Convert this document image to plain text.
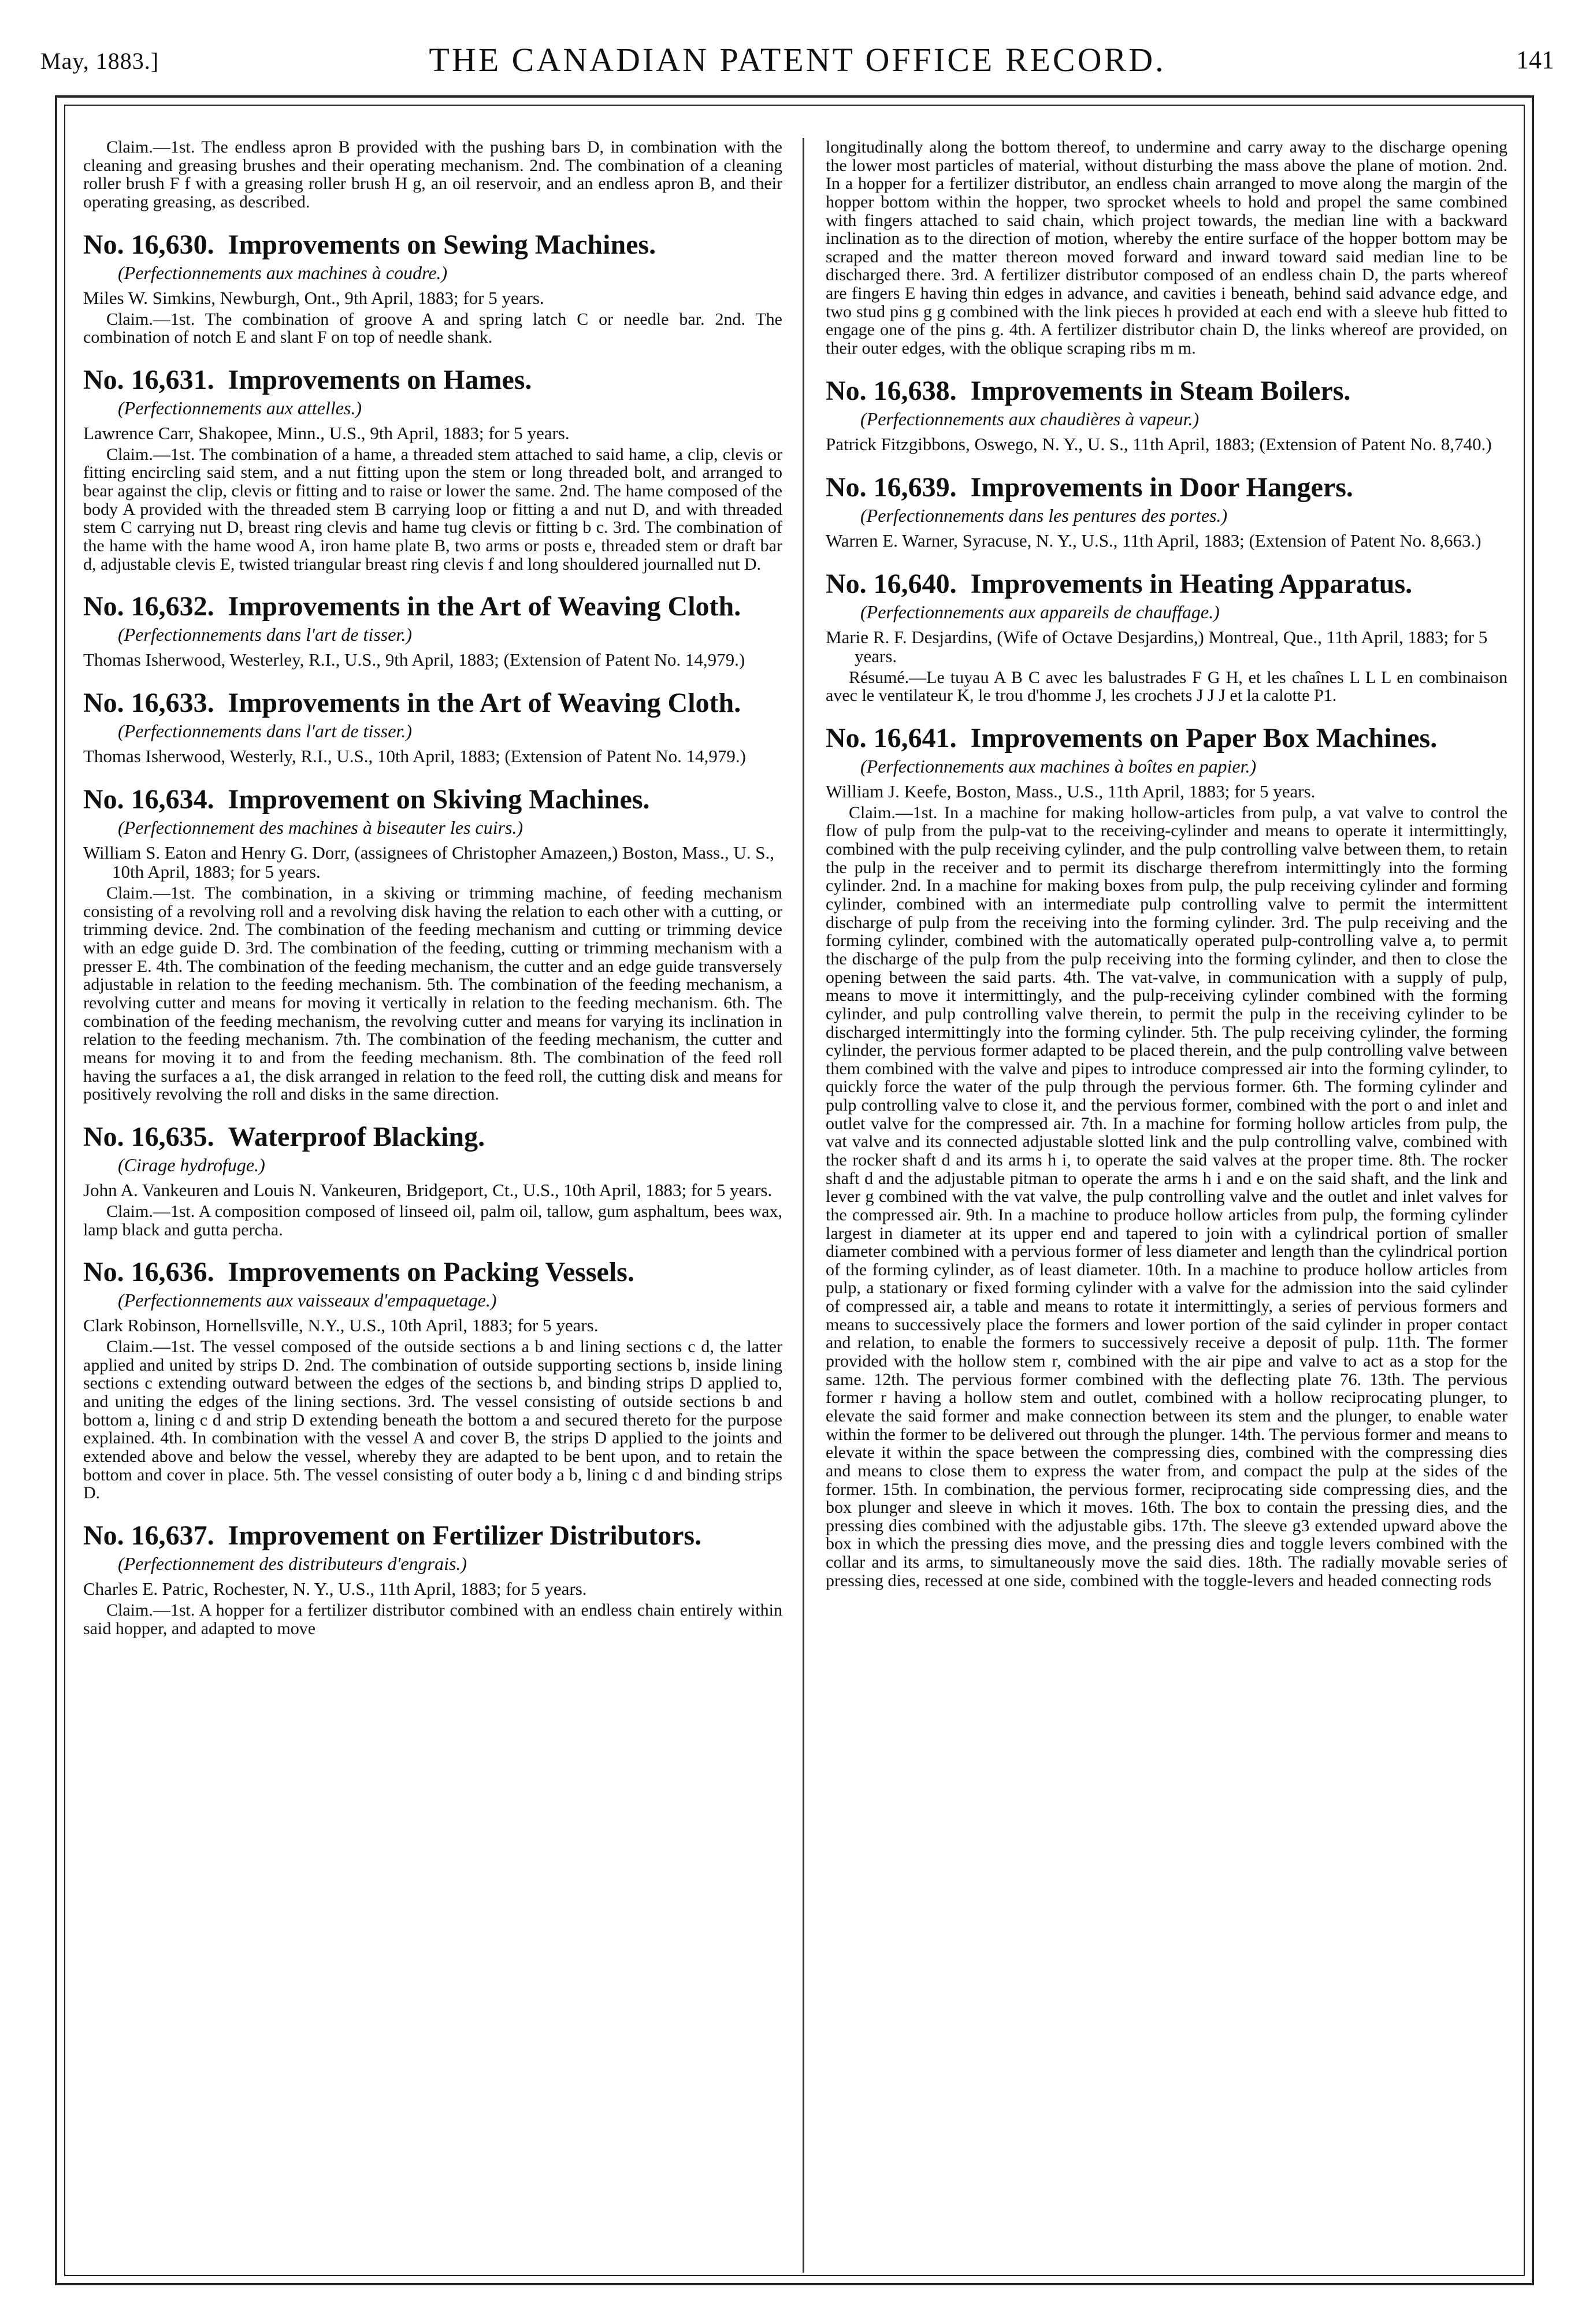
May, 1883.]	THE CANADIAN PATENT OFFICE RECORD.	141

Claim.—1st. The endless apron B provided with the pushing bars D, in combination with the cleaning and greasing brushes and their operating mechanism. 2nd. The combination of a cleaning roller brush F f with a greasing roller brush H g, an oil reservoir, and an endless apron B, and their operating greasing, as described.

No. 16,630. Improvements on Sewing Machines.
(Perfectionnements aux machines à coudre.)
Miles W. Simkins, Newburgh, Ont., 9th April, 1883; for 5 years.

Claim.—1st. The combination of groove A and spring latch C or needle bar. 2nd. The combination of notch E and slant F on top of needle shank.

No. 16,631. Improvements on Hames.
(Perfectionnements aux attelles.)
Lawrence Carr, Shakopee, Minn., U.S., 9th April, 1883; for 5 years.

Claim.—1st. The combination of a hame, a threaded stem attached to said hame, a clip, clevis or fitting encircling said stem, and a nut fitting upon the stem or long threaded bolt, and arranged to bear against the clip, clevis or fitting and to raise or lower the same. 2nd. The hame composed of the body A provided with the threaded stem B carrying loop or fitting a and nut D, and with threaded stem C carrying nut D, breast ring clevis and hame tug clevis or fitting b c. 3rd. The combination of the hame with the hame wood A, iron hame plate B, two arms or posts e, threaded stem or draft bar d, adjustable clevis E, twisted triangular breast ring clevis f and long shouldered journalled nut D.

No. 16,632. Improvements in the Art of Weaving Cloth.
(Perfectionnements dans l'art de tisser.)
Thomas Isherwood, Westerley, R.I., U.S., 9th April, 1883; (Extension of Patent No. 14,979.)
No. 16,633. Improvements in the Art of Weaving Cloth.
(Perfectionnements dans l'art de tisser.)
Thomas Isherwood, Westerly, R.I., U.S., 10th April, 1883; (Extension of Patent No. 14,979.)
No. 16,634. Improvement on Skiving Machines.
(Perfectionnement des machines à biseauter les cuirs.)
William S. Eaton and Henry G. Dorr, (assignees of Christopher Amazeen,) Boston, Mass., U. S., 10th April, 1883; for 5 years.

Claim.—1st. The combination, in a skiving or trimming machine, of feeding mechanism consisting of a revolving roll and a revolving disk having the relation to each other with a cutting, or trimming device. 2nd. The combination of the feeding mechanism and cutting or trimming device with an edge guide D. 3rd. The combination of the feeding, cutting or trimming mechanism with a presser E. 4th. The combination of the feeding mechanism, the cutter and an edge guide transversely adjustable in relation to the feeding mechanism. 5th. The combination of the feeding mechanism, a revolving cutter and means for moving it vertically in relation to the feeding mechanism. 6th. The combination of the feeding mechanism, the revolving cutter and means for varying its inclination in relation to the feeding mechanism. 7th. The combination of the feeding mechanism, the cutter and means for moving it to and from the feeding mechanism. 8th. The combination of the feed roll having the surfaces a a1, the disk arranged in relation to the feed roll, the cutting disk and means for positively revolving the roll and disks in the same direction.

No. 16,635. Waterproof Blacking.
(Cirage hydrofuge.)
John A. Vankeuren and Louis N. Vankeuren, Bridgeport, Ct., U.S., 10th April, 1883; for 5 years.

Claim.—1st. A composition composed of linseed oil, palm oil, tallow, gum asphaltum, bees wax, lamp black and gutta percha.

No. 16,636. Improvements on Packing Vessels.
(Perfectionnements aux vaisseaux d'empaquetage.)
Clark Robinson, Hornellsville, N.Y., U.S., 10th April, 1883; for 5 years.

Claim.—1st. The vessel composed of the outside sections a b and lining sections c d, the latter applied and united by strips D. 2nd. The combination of outside supporting sections b, inside lining sections c extending outward between the edges of the sections b, and binding strips D applied to, and uniting the edges of the lining sections. 3rd. The vessel consisting of outside sections b and bottom a, lining c d and strip D extending beneath the bottom a and secured thereto for the purpose explained. 4th. In combination with the vessel A and cover B, the strips D applied to the joints and extended above and below the vessel, whereby they are adapted to be bent upon, and to retain the bottom and cover in place. 5th. The vessel consisting of outer body a b, lining c d and binding strips D.

No. 16,637. Improvement on Fertilizer Distributors.
(Perfectionnement des distributeurs d'engrais.)
Charles E. Patric, Rochester, N. Y., U.S., 11th April, 1883; for 5 years.

Claim.—1st. A hopper for a fertilizer distributor combined with an endless chain entirely within said hopper, and adapted to move

longitudinally along the bottom thereof, to undermine and carry away to the discharge opening the lower most particles of material, without disturbing the mass above the plane of motion. 2nd. In a hopper for a fertilizer distributor, an endless chain arranged to move along the margin of the hopper bottom within the hopper, two sprocket wheels to hold and propel the same combined with fingers attached to said chain, which project towards, the median line with a backward inclination as to the direction of motion, whereby the entire surface of the hopper bottom may be scraped and the matter thereon moved forward and inward toward said median line to be discharged there. 3rd. A fertilizer distributor composed of an endless chain D, the parts whereof are fingers E having thin edges in advance, and cavities i beneath, behind said advance edge, and two stud pins g g combined with the link pieces h provided at each end with a sleeve hub fitted to engage one of the pins g. 4th. A fertilizer distributor chain D, the links whereof are provided, on their outer edges, with the oblique scraping ribs m m.

No. 16,638. Improvements in Steam Boilers.
(Perfectionnements aux chaudières à vapeur.)
Patrick Fitzgibbons, Oswego, N. Y., U. S., 11th April, 1883; (Extension of Patent No. 8,740.)
No. 16,639. Improvements in Door Hangers.
(Perfectionnements dans les pentures des portes.)
Warren E. Warner, Syracuse, N. Y., U.S., 11th April, 1883; (Extension of Patent No. 8,663.)
No. 16,640. Improvements in Heating Apparatus.
(Perfectionnements aux appareils de chauffage.)
Marie R. F. Desjardins, (Wife of Octave Desjardins,) Montreal, Que., 11th April, 1883; for 5 years.

Résumé.—Le tuyau A B C avec les balustrades F G H, et les chaînes L L L en combinaison avec le ventilateur K, le trou d'homme J, les crochets J J J et la calotte P1.

No. 16,641. Improvements on Paper Box Machines.
(Perfectionnements aux machines à boîtes en papier.)
William J. Keefe, Boston, Mass., U.S., 11th April, 1883; for 5 years.

Claim.—1st. In a machine for making hollow-articles from pulp, a vat valve to control the flow of pulp from the pulp-vat to the receiving-cylinder and means to operate it intermittingly, combined with the pulp receiving cylinder, and the pulp controlling valve between them, to retain the pulp in the receiver and to permit its discharge therefrom intermittingly into the forming cylinder. 2nd. In a machine for making boxes from pulp, the pulp receiving cylinder and forming cylinder, combined with an intermediate pulp controlling valve to permit the intermittent discharge of pulp from the receiving into the forming cylinder. 3rd. The pulp receiving and the forming cylinder, combined with the automatically operated pulp-controlling valve a, to permit the discharge of the pulp from the pulp receiving into the forming cylinder, and then to close the opening between the said parts. 4th. The vat-valve, in communication with a supply of pulp, means to move it intermittingly, and the pulp-receiving cylinder combined with the forming cylinder, and pulp controlling valve therein, to permit the pulp in the receiving cylinder to be discharged intermittingly into the forming cylinder. 5th. The pulp receiving cylinder, the forming cylinder, the pervious former adapted to be placed therein, and the pulp controlling valve between them combined with the valve and pipes to introduce compressed air into the forming cylinder, to quickly force the water of the pulp through the pervious former. 6th. The forming cylinder and pulp controlling valve to close it, and the pervious former, combined with the port o and inlet and outlet valve for the compressed air. 7th. In a machine for forming hollow articles from pulp, the vat valve and its connected adjustable slotted link and the pulp controlling valve, combined with the rocker shaft d and its arms h i, to operate the said valves at the proper time. 8th. The rocker shaft d and the adjustable pitman to operate the arms h i and e on the said shaft, and the link and lever g combined with the vat valve, the pulp controlling valve and the outlet and inlet valves for the compressed air. 9th. In a machine to produce hollow articles from pulp, the forming cylinder largest in diameter at its upper end and tapered to join with a cylindrical portion of smaller diameter combined with a pervious former of less diameter and length than the cylindrical portion of the forming cylinder, as of least diameter. 10th. In a machine to produce hollow articles from pulp, a stationary or fixed forming cylinder with a valve for the admission into the said cylinder of compressed air, a table and means to rotate it intermittingly, a series of pervious formers and means to successively place the formers and lower portion of the said cylinder in proper contact and relation, to enable the formers to successively receive a deposit of pulp. 11th. The former provided with the hollow stem r, combined with the air pipe and valve to act as a stop for the same. 12th. The pervious former combined with the deflecting plate 76. 13th. The pervious former r having a hollow stem and outlet, combined with a hollow reciprocating plunger, to elevate the said former and make connection between its stem and the plunger, to enable water within the former to be delivered out through the plunger. 14th. The pervious former and means to elevate it within the space between the compressing dies, combined with the compressing dies and means to close them to express the water from, and compact the pulp at the sides of the former. 15th. In combination, the pervious former, reciprocating side compressing dies, and the box plunger and sleeve in which it moves. 16th. The box to contain the pressing dies, and the pressing dies combined with the adjustable gibs. 17th. The sleeve g3 extended upward above the box in which the pressing dies move, and the pressing dies and toggle levers combined with the collar and its arms, to simultaneously move the said dies. 18th. The radially movable series of pressing dies, recessed at one side, combined with the toggle-levers and headed connecting rods
